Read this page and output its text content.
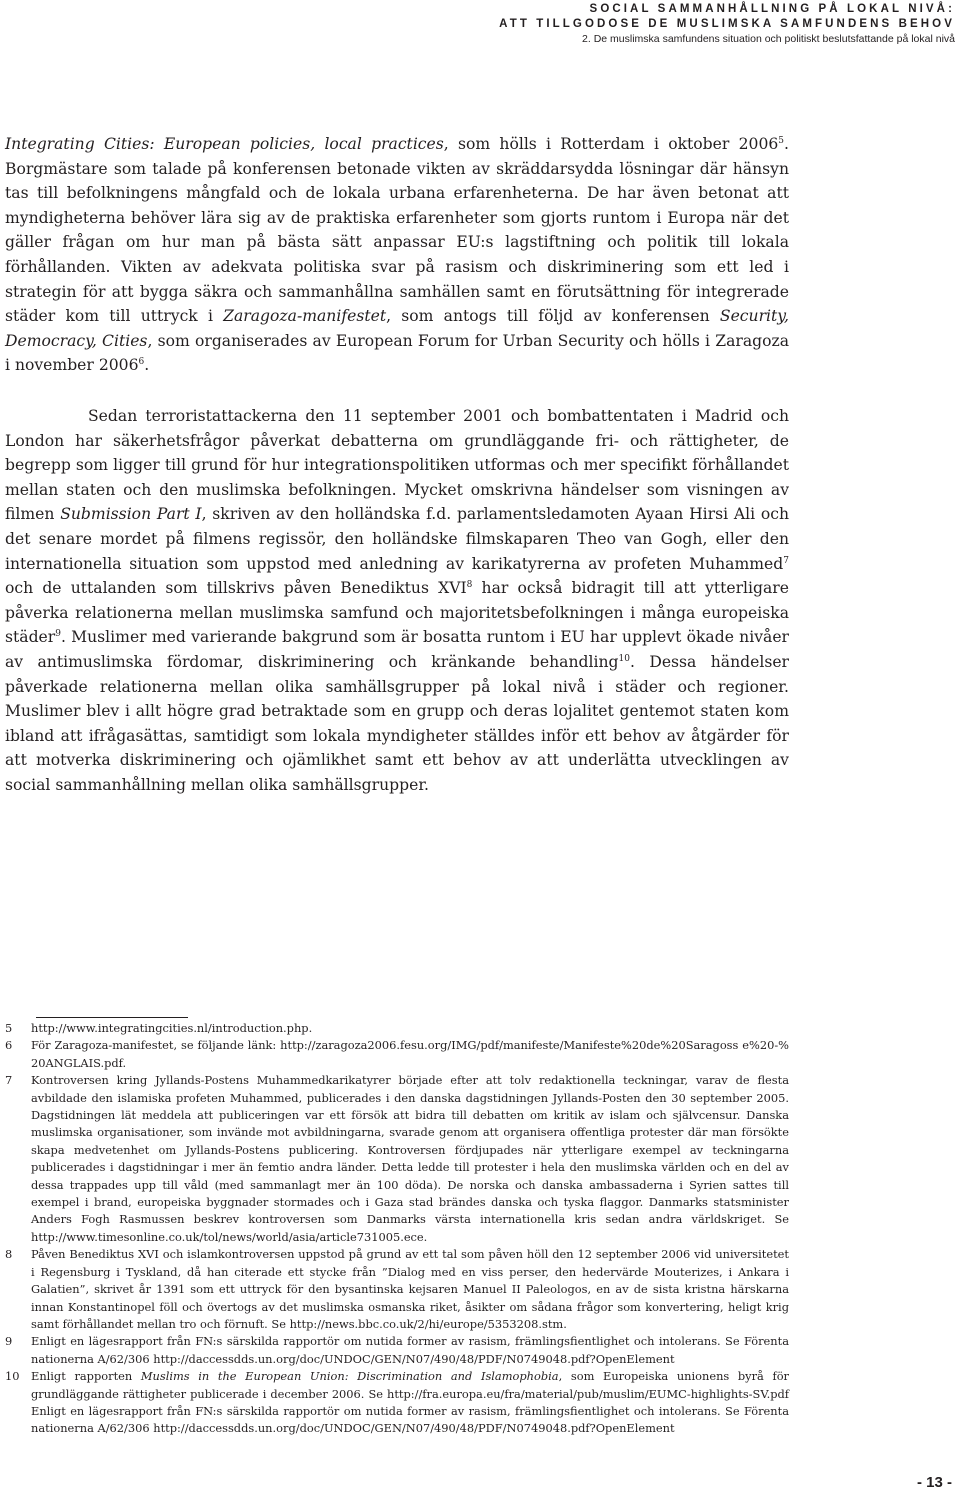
SOCIAL SAMMANHÅLLNING PÅ LOKAL NIVÅ:
ATT TILLGODOSE DE MUSLIMSKA SAMFUNDENS BEHOV
2. De muslimska samfundens situation och politiskt beslutsfattande på lokal nivå

Integrating Cities: European policies, local practices, som hölls i Rotterdam i oktober 2006$^5$. Borgmästare som talade på konferensen betonade vikten av skräddarsydda lösningar där hänsyn tas till befolkningens mångfald och de lokala urbana erfarenheterna. De har även betonat att myndigheterna behöver lära sig av de praktiska erfarenheter som gjorts runtom i Europa när det gäller frågan om hur man på bästa sätt anpassar EU:s lagstiftning och politik till lokala förhållanden. Vikten av adekvata politiska svar på rasism och diskriminering som ett led i strategin för att bygga säkra och sammanhållna samhällen samt en förutsättning för integrerade städer kom till uttryck i Zaragoza-manifestet, som antogs till följd av konferensen Security, Democracy, Cities, som organiserades av European Forum for Urban Security och hölls i Zaragoza i november 2006$^6$.

Sedan terroristattackerna den 11 september 2001 och bombattentaten i Madrid och London har säkerhetsfrågor påverkat debatterna om grundläggande fri- och rättigheter, de begrepp som ligger till grund för hur integrationspolitiken utformas och mer specifikt förhållandet mellan staten och den muslimska befolkningen. Mycket omskrivna händelser som visningen av filmen Submission Part I, skriven av den holländska f.d. parlamentsledamoten Ayaan Hirsi Ali och det senare mordet på filmens regissör, den holländske filmskaparen Theo van Gogh, eller den internationella situation som uppstod med anledning av karikatyrerna av profeten Muhammed$^7$ och de uttalanden som tillskrivs påven Benediktus XVI$^8$ har också bidragit till att ytterligare påverka relationerna mellan muslimska samfund och majoritetsbefolkningen i många europeiska städer$^9$. Muslimer med varierande bakgrund som är bosatta runtom i EU har upplevt ökade nivåer av antimuslimska fördomar, diskriminering och kränkande behandling$^{10}$. Dessa händelser påverkade relationerna mellan olika samhällsgrupper på lokal nivå i städer och regioner. Muslimer blev i allt högre grad betraktade som en grupp och deras lojalitet gentemot staten kom ibland att ifrågasättas, samtidigt som lokala myndigheter ställdes inför ett behov av åtgärder för att motverka diskriminering och ojämlikhet samt ett behov av att underlätta utvecklingen av social sammanhållning mellan olika samhällsgrupper.

5	http://www.integratingcities.nl/introduction.php.
6	För Zaragoza-manifestet, se följande länk: http://zaragoza2006.fesu.org/IMG/pdf/manifeste/Manifeste%20de%20Saragoss e%20-%20ANGLAIS.pdf.
7	Kontroversen kring Jyllands-Postens Muhammedkarikatyrer började efter att tolv redaktionella teckningar, varav de flesta avbildade den islamiska profeten Muhammed, publicerades i den danska dagstidningen Jyllands-Posten den 30 september 2005. Dagstidningen lät meddela att publiceringen var ett försök att bidra till debatten om kritik av islam och självcensur. Danska muslimska organisationer, som invände mot avbildningarna, svarade genom att organisera offentliga protester där man försökte skapa medvetenhet om Jyllands-Postens publicering. Kontroversen fördjupades när ytterligare exempel av teckningarna publicerades i dagstidningar i mer än femtio andra länder. Detta ledde till protester i hela den muslimska världen och en del av dessa trappades upp till våld (med sammanlagt mer än 100 döda). De norska och danska ambassaderna i Syrien sattes till exempel i brand, europeiska byggnader stormades och i Gaza stad brändes danska och tyska flaggor. Danmarks statsminister Anders Fogh Rasmussen beskrev kontroversen som Danmarks värsta internationella kris sedan andra världskriget. Se http://www.timesonline.co.uk/tol/news/world/asia/article731005.ece.
8	Påven Benediktus XVI och islamkontroversen uppstod på grund av ett tal som påven höll den 12 september 2006 vid universitetet i Regensburg i Tyskland, då han citerade ett stycke från ”Dialog med en viss perser, den hedervärde Mouterizes, i Ankara i Galatien”, skrivet år 1391 som ett uttryck för den bysantinska kejsaren Manuel II Paleologos, en av de sista kristna härskarna innan Konstantinopel föll och övertogs av det muslimska osmanska riket, åsikter om sådana frågor som konvertering, heligt krig samt förhållandet mellan tro och förnuft. Se http://news.bbc.co.uk/2/hi/europe/5353208.stm.
9	Enligt en lägesrapport från FN:s särskilda rapportör om nutida former av rasism, främlingsfientlighet och intolerans. Se Förenta nationerna A/62/306 http://daccessdds.un.org/doc/UNDOC/GEN/N07/490/48/PDF/N0749048.pdf?OpenElement
10	Enligt rapporten Muslims in the European Union: Discrimination and Islamophobia, som Europeiska unionens byrå för grundläggande rättigheter publicerade i december 2006. Se http://fra.europa.eu/fra/material/pub/muslim/EUMC-highlights-SV.pdf Enligt en lägesrapport från FN:s särskilda rapportör om nutida former av rasism, främlingsfientlighet och intolerans. Se Förenta nationerna A/62/306 http://daccessdds.un.org/doc/UNDOC/GEN/N07/490/48/PDF/N0749048.pdf?OpenElement
- 13 -
